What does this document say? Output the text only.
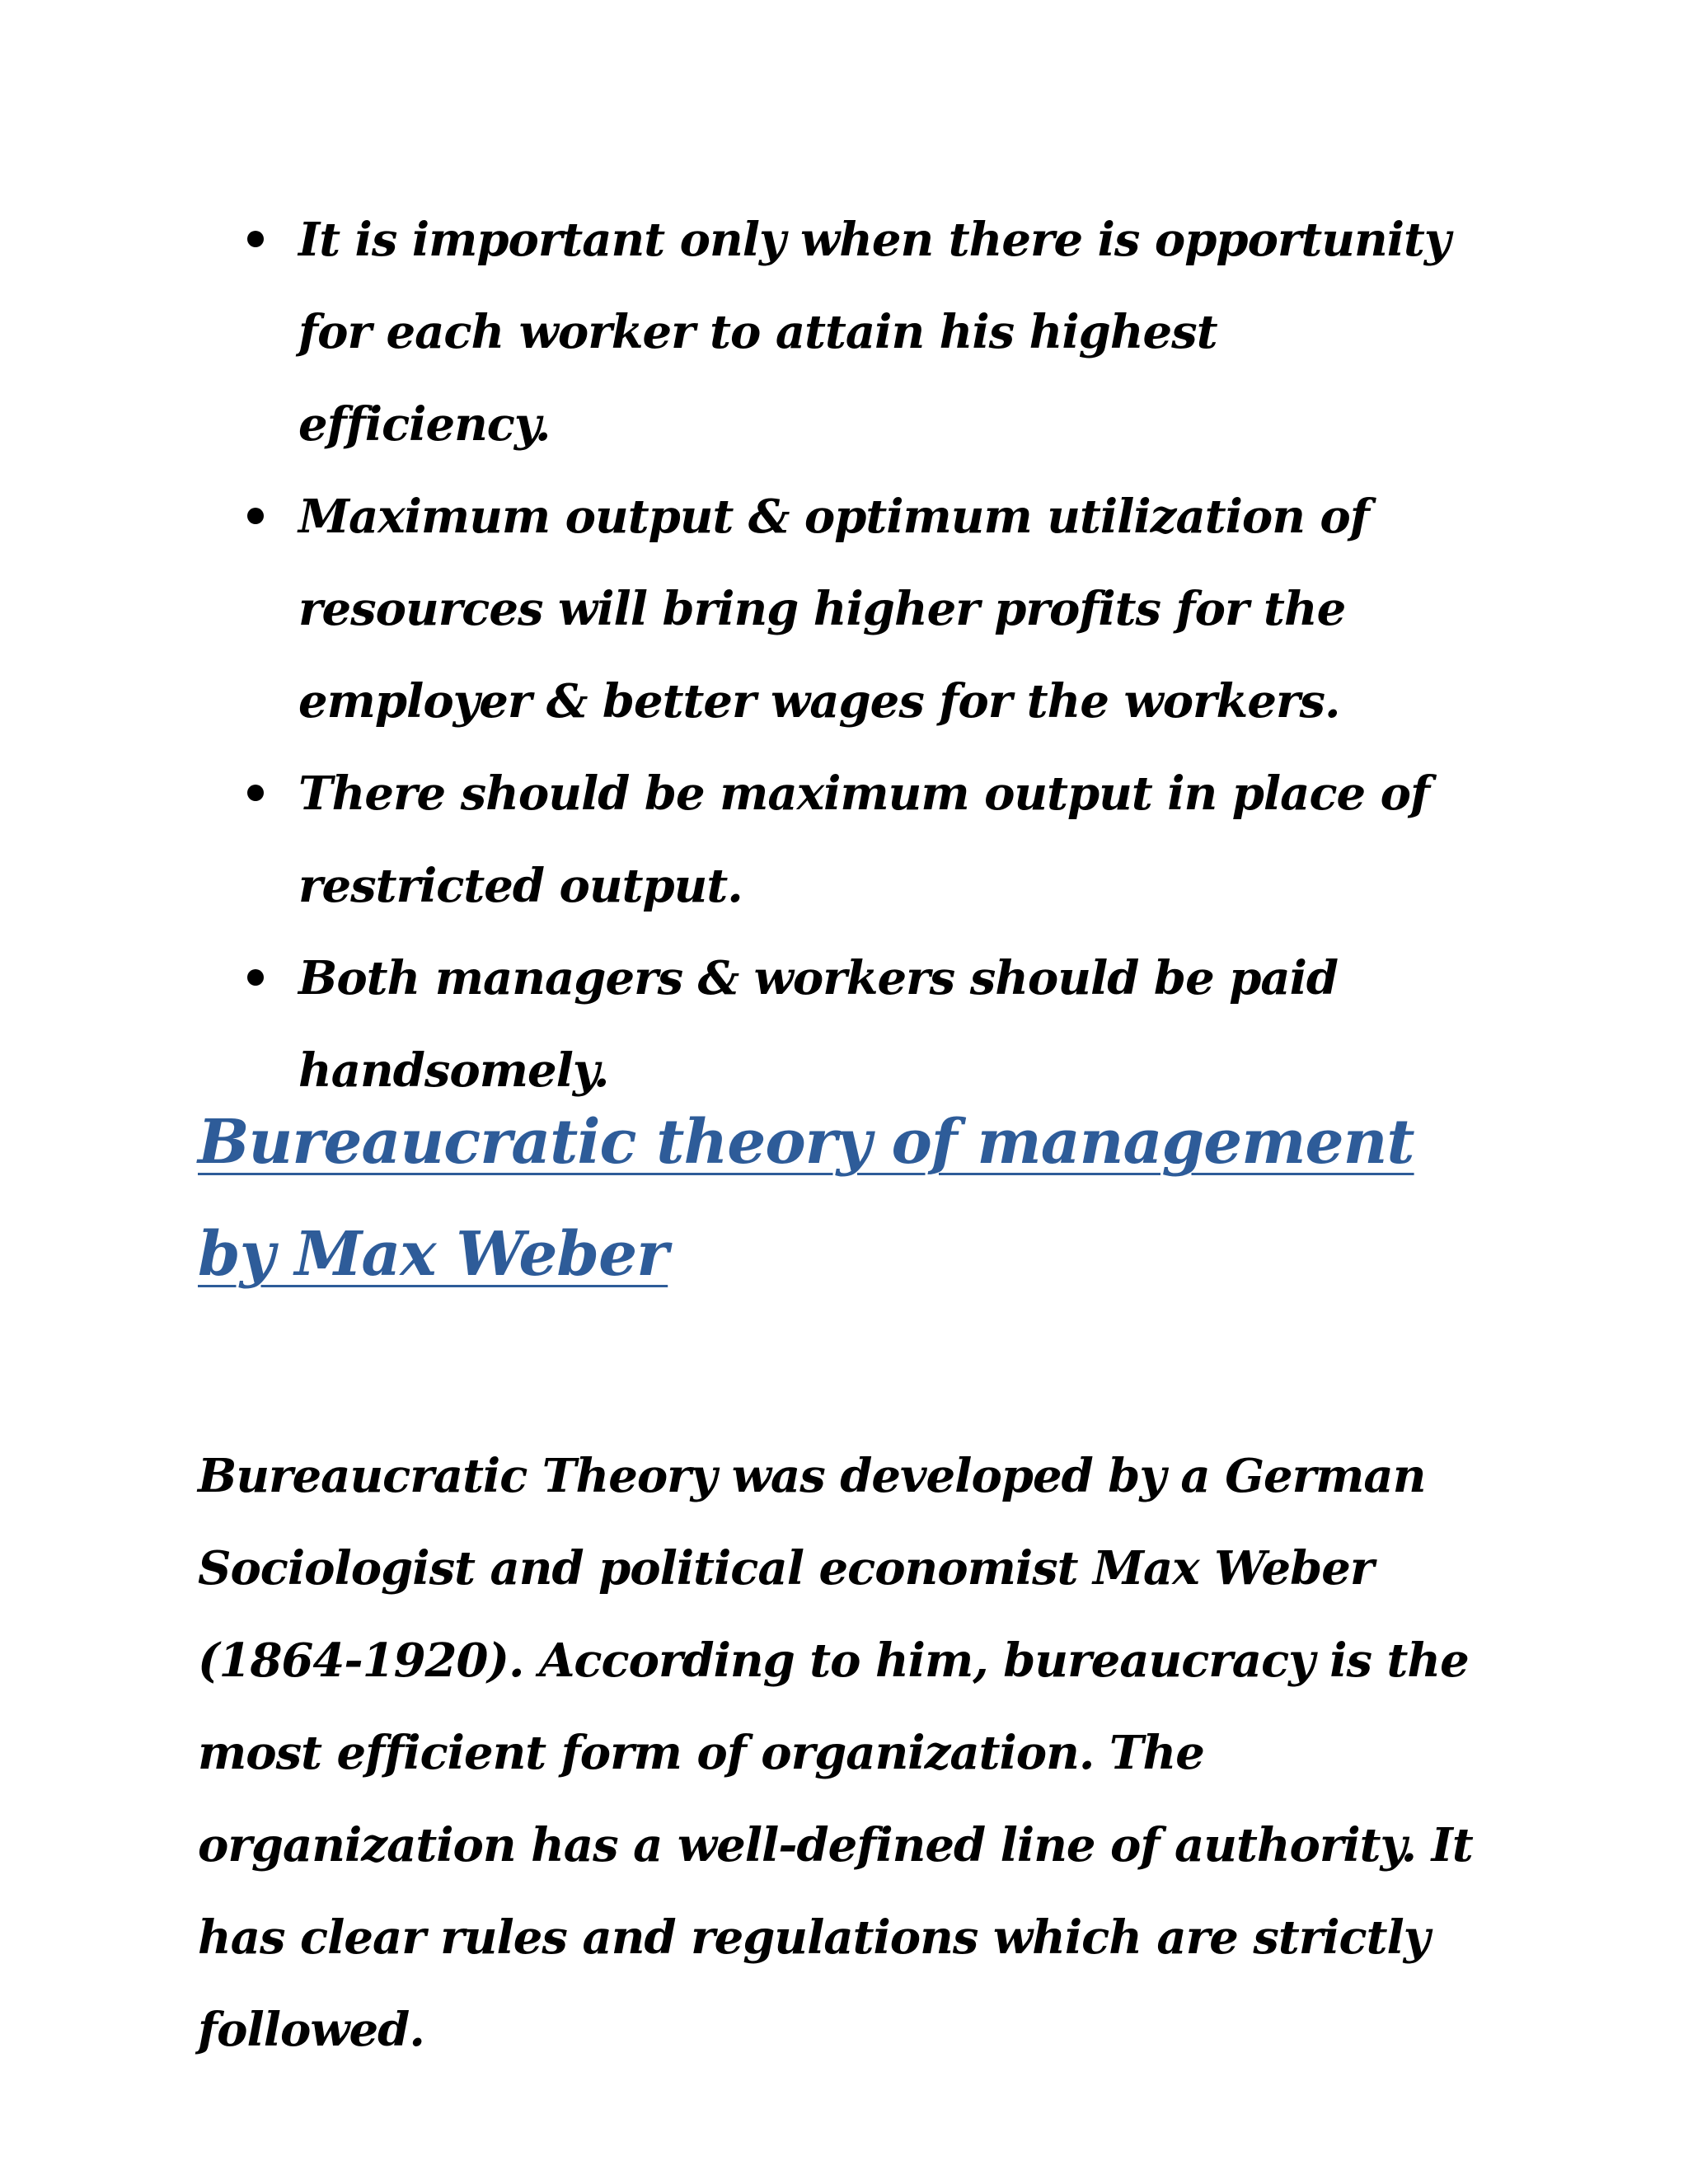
It is important only when there is opportunity for each worker to attain his highest efficiency.
Maximum output & optimum utilization of resources will bring higher profits for the employer & better wages for the workers.
There should be maximum output in place of restricted output.
Both managers & workers should be paid handsomely.
Bureaucratic theory of management by Max Weber

Bureaucratic Theory was developed by a German Sociologist and political economist Max Weber (1864-1920). According to him, bureaucracy is the most efficient form of organization. The organization has a well-defined line of authority. It has clear rules and regulations which are strictly followed.
